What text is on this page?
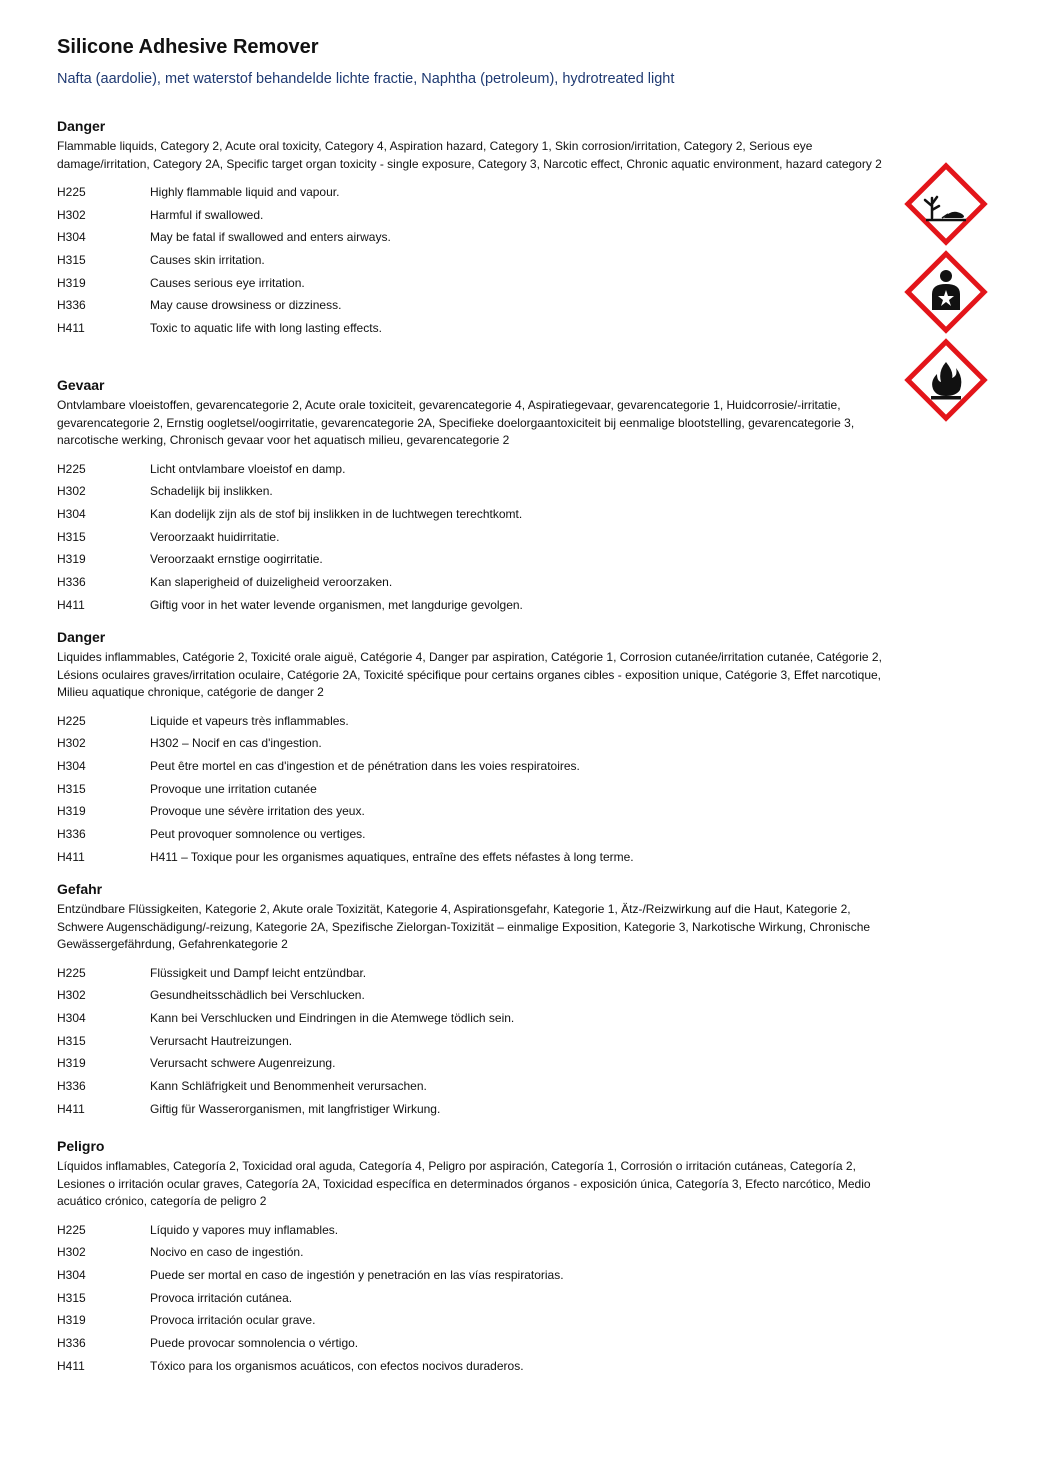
Silicone Adhesive Remover
Nafta (aardolie), met waterstof behandelde lichte fractie, Naphtha (petroleum), hydrotreated light
Danger
Flammable liquids, Category 2, Acute oral toxicity, Category 4, Aspiration hazard, Category 1, Skin corrosion/irritation, Category 2, Serious eye damage/irritation, Category 2A, Specific target organ toxicity - single exposure, Category 3, Narcotic effect, Chronic aquatic environment, hazard category 2
H225	Highly flammable liquid and vapour.
H302	Harmful if swallowed.
H304	May be fatal if swallowed and enters airways.
H315	Causes skin irritation.
H319	Causes serious eye irritation.
H336	May cause drowsiness or dizziness.
H411	Toxic to aquatic life with long lasting effects.
Gevaar
Ontvlambare vloeistoffen, gevarencategorie 2, Acute orale toxiciteit, gevarencategorie 4, Aspiratiegevaar, gevarencategorie 1, Huidcorrosie/-irritatie, gevarencategorie 2, Ernstig oogletsel/oogirritatie, gevarencategorie 2A, Specifieke doelorgaantoxiciteit bij eenmalige blootstelling, gevarencategorie 3, narcotische werking, Chronisch gevaar voor het aquatisch milieu, gevarencategorie 2
H225	Licht ontvlambare vloeistof en damp.
H302	Schadelijk bij inslikken.
H304	Kan dodelijk zijn als de stof bij inslikken in de luchtwegen terechtkomt.
H315	Veroorzaakt huidirritatie.
H319	Veroorzaakt ernstige oogirritatie.
H336	Kan slaperigheid of duizeligheid veroorzaken.
H411	Giftig voor in het water levende organismen, met langdurige gevolgen.
Danger
Liquides inflammables, Catégorie 2, Toxicité orale aiguë, Catégorie 4, Danger par aspiration, Catégorie 1, Corrosion cutanée/irritation cutanée, Catégorie 2, Lésions oculaires graves/irritation oculaire, Catégorie 2A, Toxicité spécifique pour certains organes cibles - exposition unique, Catégorie 3, Effet narcotique, Milieu aquatique chronique, catégorie de danger 2
H225	Liquide et vapeurs très inflammables.
H302	H302 – Nocif en cas d'ingestion.
H304	Peut être mortel en cas d'ingestion et de pénétration dans les voies respiratoires.
H315	Provoque une irritation cutanée
H319	Provoque une sévère irritation des yeux.
H336	Peut provoquer somnolence ou vertiges.
H411	H411 – Toxique pour les organismes aquatiques, entraîne des effets néfastes à long terme.
Gefahr
Entzündbare Flüssigkeiten, Kategorie 2, Akute orale Toxizität, Kategorie 4, Aspirationsgefahr, Kategorie 1, Ätz-/Reizwirkung auf die Haut, Kategorie 2, Schwere Augenschädigung/-reizung, Kategorie 2A, Spezifische Zielorgan-Toxizität – einmalige Exposition, Kategorie 3, Narkotische Wirkung, Chronische Gewässergefährdung, Gefahrenkategorie 2
H225	Flüssigkeit und Dampf leicht entzündbar.
H302	Gesundheitsschädlich bei Verschlucken.
H304	Kann bei Verschlucken und Eindringen in die Atemwege tödlich sein.
H315	Verursacht Hautreizungen.
H319	Verursacht schwere Augenreizung.
H336	Kann Schläfrigkeit und Benommenheit verursachen.
H411	Giftig für Wasserorganismen, mit langfristiger Wirkung.
Peligro
Líquidos inflamables, Categoría 2, Toxicidad oral aguda, Categoría 4, Peligro por aspiración, Categoría 1, Corrosión o irritación cutáneas, Categoría 2, Lesiones o irritación ocular graves, Categoría 2A, Toxicidad específica en determinados órganos - exposición única, Categoría 3, Efecto narcótico, Medio acuático crónico, categoría de peligro 2
H225	Líquido y vapores muy inflamables.
H302	Nocivo en caso de ingestión.
H304	Puede ser mortal en caso de ingestión y penetración en las vías respiratorias.
H315	Provoca irritación cutánea.
H319	Provoca irritación ocular grave.
H336	Puede provocar somnolencia o vértigo.
H411	Tóxico para los organismos acuáticos, con efectos nocivos duraderos.
